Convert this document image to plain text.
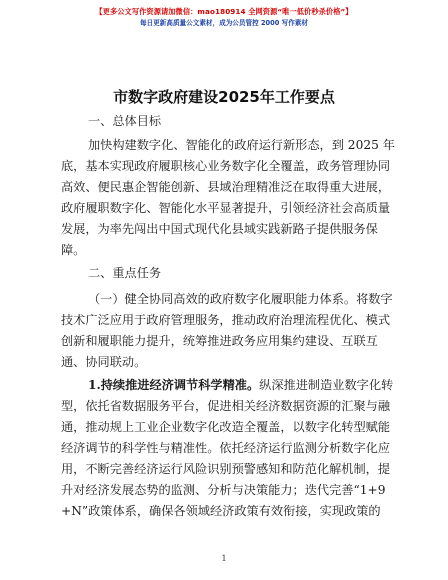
【更多公文写作资源请加微信：mao180914 全网资源“唯一低价秒杀价格”】
每日更新高质量公文素材，成为公员管控 2000 写作素材
市数字政府建设2025年工作要点
一、总体目标
加快构建数字化、智能化的政府运行新形态，到 2025 年
底，基本实现政府履职核心业务数字化全覆盖，政务管理协同
高效、便民惠企智能创新、县域治理精准泛在取得重大进展，
政府履职数字化、智能化水平显著提升，引领经济社会高质量
发展，为率先闯出中国式现代化县域实践新路子提供服务保
障。
二、重点任务
（一）健全协同高效的政府数字化履职能力体系。将数字
技术广泛应用于政府管理服务，推动政府治理流程优化、模式
创新和履职能力提升，统筹推进政务应用集约建设、互联互
通、协同联动。
1.持续推进经济调节科学精准。纵深推进制造业数字化转
型，依托省数据服务平台，促进相关经济数据资源的汇聚与融
通，推动规上工业企业数字化改造全覆盖，以数字化转型赋能
经济调节的科学性与精准性。依托经济运行监测分析数字化应
用，不断完善经济运行风险识别预警感知和防范化解机制，提
升对经济发展态势的监测、分析与决策能力；迭代完善“1+9
+N”政策体系，确保各领域经济政策有效衔接，实现政策的
1
